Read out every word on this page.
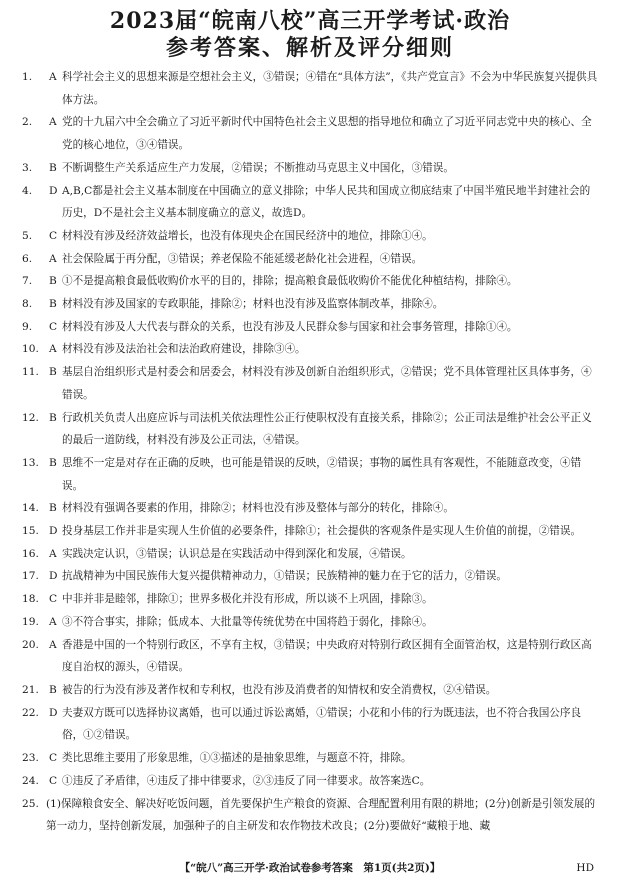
2023届“皖南八校”高三开学考试·政治
参考答案、解析及评分细则
1.	A 科学社会主义的思想来源是空想社会主义，③错误；④错在“具体方法”，《共产党宣言》不会为中华民族复兴提供具体方法。
2.	A 党的十九届六中全会确立了习近平新时代中国特色社会主义思想的指导地位和确立了习近平同志党中央的核心、全党的核心地位，③④错误。
3.	B 不断调整生产关系适应生产力发展，②错误；不断推动马克思主义中国化，③错误。
4.	D A,B,C都是社会主义基本制度在中国确立的意义排除；中华人民共和国成立彻底结束了中国半殖民地半封建社会的历史，D不是社会主义基本制度确立的意义，故选D。
5.	C 材料没有涉及经济效益增长，也没有体现央企在国民经济中的地位，排除①④。
6.	A 社会保险属于再分配，③错误；养老保险不能延缓老龄化社会进程，④错误。
7.	B ①不是提高粮食最低收购价水平的目的，排除；提高粮食最低收购价不能优化种植结构，排除④。
8.	B 材料没有涉及国家的专政职能，排除②；材料也没有涉及监察体制改革，排除④。
9.	C 材料没有涉及人大代表与群众的关系，也没有涉及人民群众参与国家和社会事务管理，排除①④。
10. A 材料没有涉及法治社会和法治政府建设，排除③④。
11. B 基层自治组织形式是村委会和居委会，材料没有涉及创新自治组织形式，②错误；党不具体管理社区具体事务，④错误。
12. B 行政机关负责人出庭应诉与司法机关依法理性公正行使职权没有直接关系，排除②；公正司法是维护社会公平正义的最后一道防线，材料没有涉及公正司法，④错误。
13. B 思维不一定是对存在正确的反映，也可能是错误的反映，②错误；事物的属性具有客观性，不能随意改变，④错误。
14. B 材料没有强调各要素的作用，排除②；材料也没有涉及整体与部分的转化，排除④。
15. D 投身基层工作并非是实现人生价值的必要条件，排除①；社会提供的客观条件是实现人生价值的前提，②错误。
16. A 实践决定认识，③错误；认识总是在实践活动中得到深化和发展，④错误。
17. D 抗战精神为中国民族伟大复兴提供精神动力，①错误；民族精神的魅力在于它的活力，②错误。
18. C 中非并非是睦邻，排除①；世界多极化并没有形成，所以谈不上巩固，排除③。
19. A ③不符合事实，排除；低成本、大批量等传统优势在中国将趋于弱化，排除④。
20. A 香港是中国的一个特别行政区，不享有主权，③错误；中央政府对特别行政区拥有全面管治权，这是特别行政区高度自治权的源头，④错误。
21. B 被告的行为没有涉及著作权和专利权，也没有涉及消费者的知情权和安全消费权，②④错误。
22. D 夫妻双方既可以选择协议离婚，也可以通过诉讼离婚，①错误；小花和小伟的行为既违法，也不符合我国公序良俗，①②错误。
23. C 类比思维主要用了形象思维，①③描述的是抽象思维，与题意不符，排除。
24. C ①违反了矛盾律，④违反了排中律要求，②③违反了同一律要求。故答案选C。
25. (1)保障粮食安全、解决好吃饭问题，首先要保护生产粮食的资源、合理配置利用有限的耕地；(2分)创新是引领发展的第一动力，坚持创新发展，加强种子的自主研发和农作物技术改良；(2分)要做好“藏粮于地、藏
【“皖八”高三开学·政治试卷参考答案　第1页(共2页)】	HD
